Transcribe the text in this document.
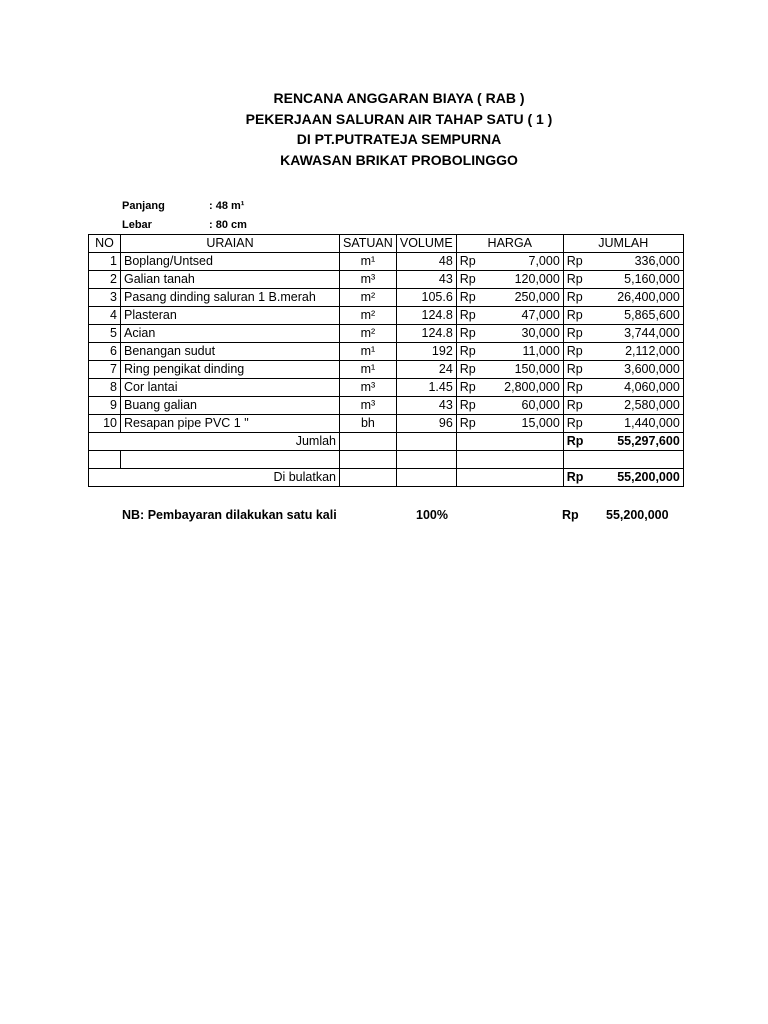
RENCANA ANGGARAN BIAYA ( RAB )
PEKERJAAN SALURAN AIR TAHAP SATU ( 1 )
DI PT.PUTRATEJA SEMPURNA
KAWASAN BRIKAT PROBOLINGGO
Panjang	: 48 m¹
Lebar	: 80 cm
NO	URAIAN	SATUAN	VOLUME	HARGA		JUMLAH	
1	Boplang/Untsed	m¹	48	Rp	7,000	Rp	336,000
2	Galian tanah	m³	43	Rp	120,000	Rp	5,160,000
3	Pasang dinding saluran 1 B.merah	m²	105.6	Rp	250,000	Rp	26,400,000
4	Plasteran	m²	124.8	Rp	47,000	Rp	5,865,600
5	Acian	m²	124.8	Rp	30,000	Rp	3,744,000
6	Benangan sudut	m¹	192	Rp	11,000	Rp	2,112,000
7	Ring pengikat dinding	m¹	24	Rp	150,000	Rp	3,600,000
8	Cor lantai	m³	1.45	Rp	2,800,000	Rp	4,060,000
9	Buang galian	m³	43	Rp	60,000	Rp	2,580,000
10	Resapan pipe PVC 1 "	bh	96	Rp	15,000	Rp	1,440,000
Jumlah						Rp	55,297,600

Di bulatkan						Rp	55,200,000
NB: Pembayaran dilakukan satu kali	100%	Rp 55,200,000
